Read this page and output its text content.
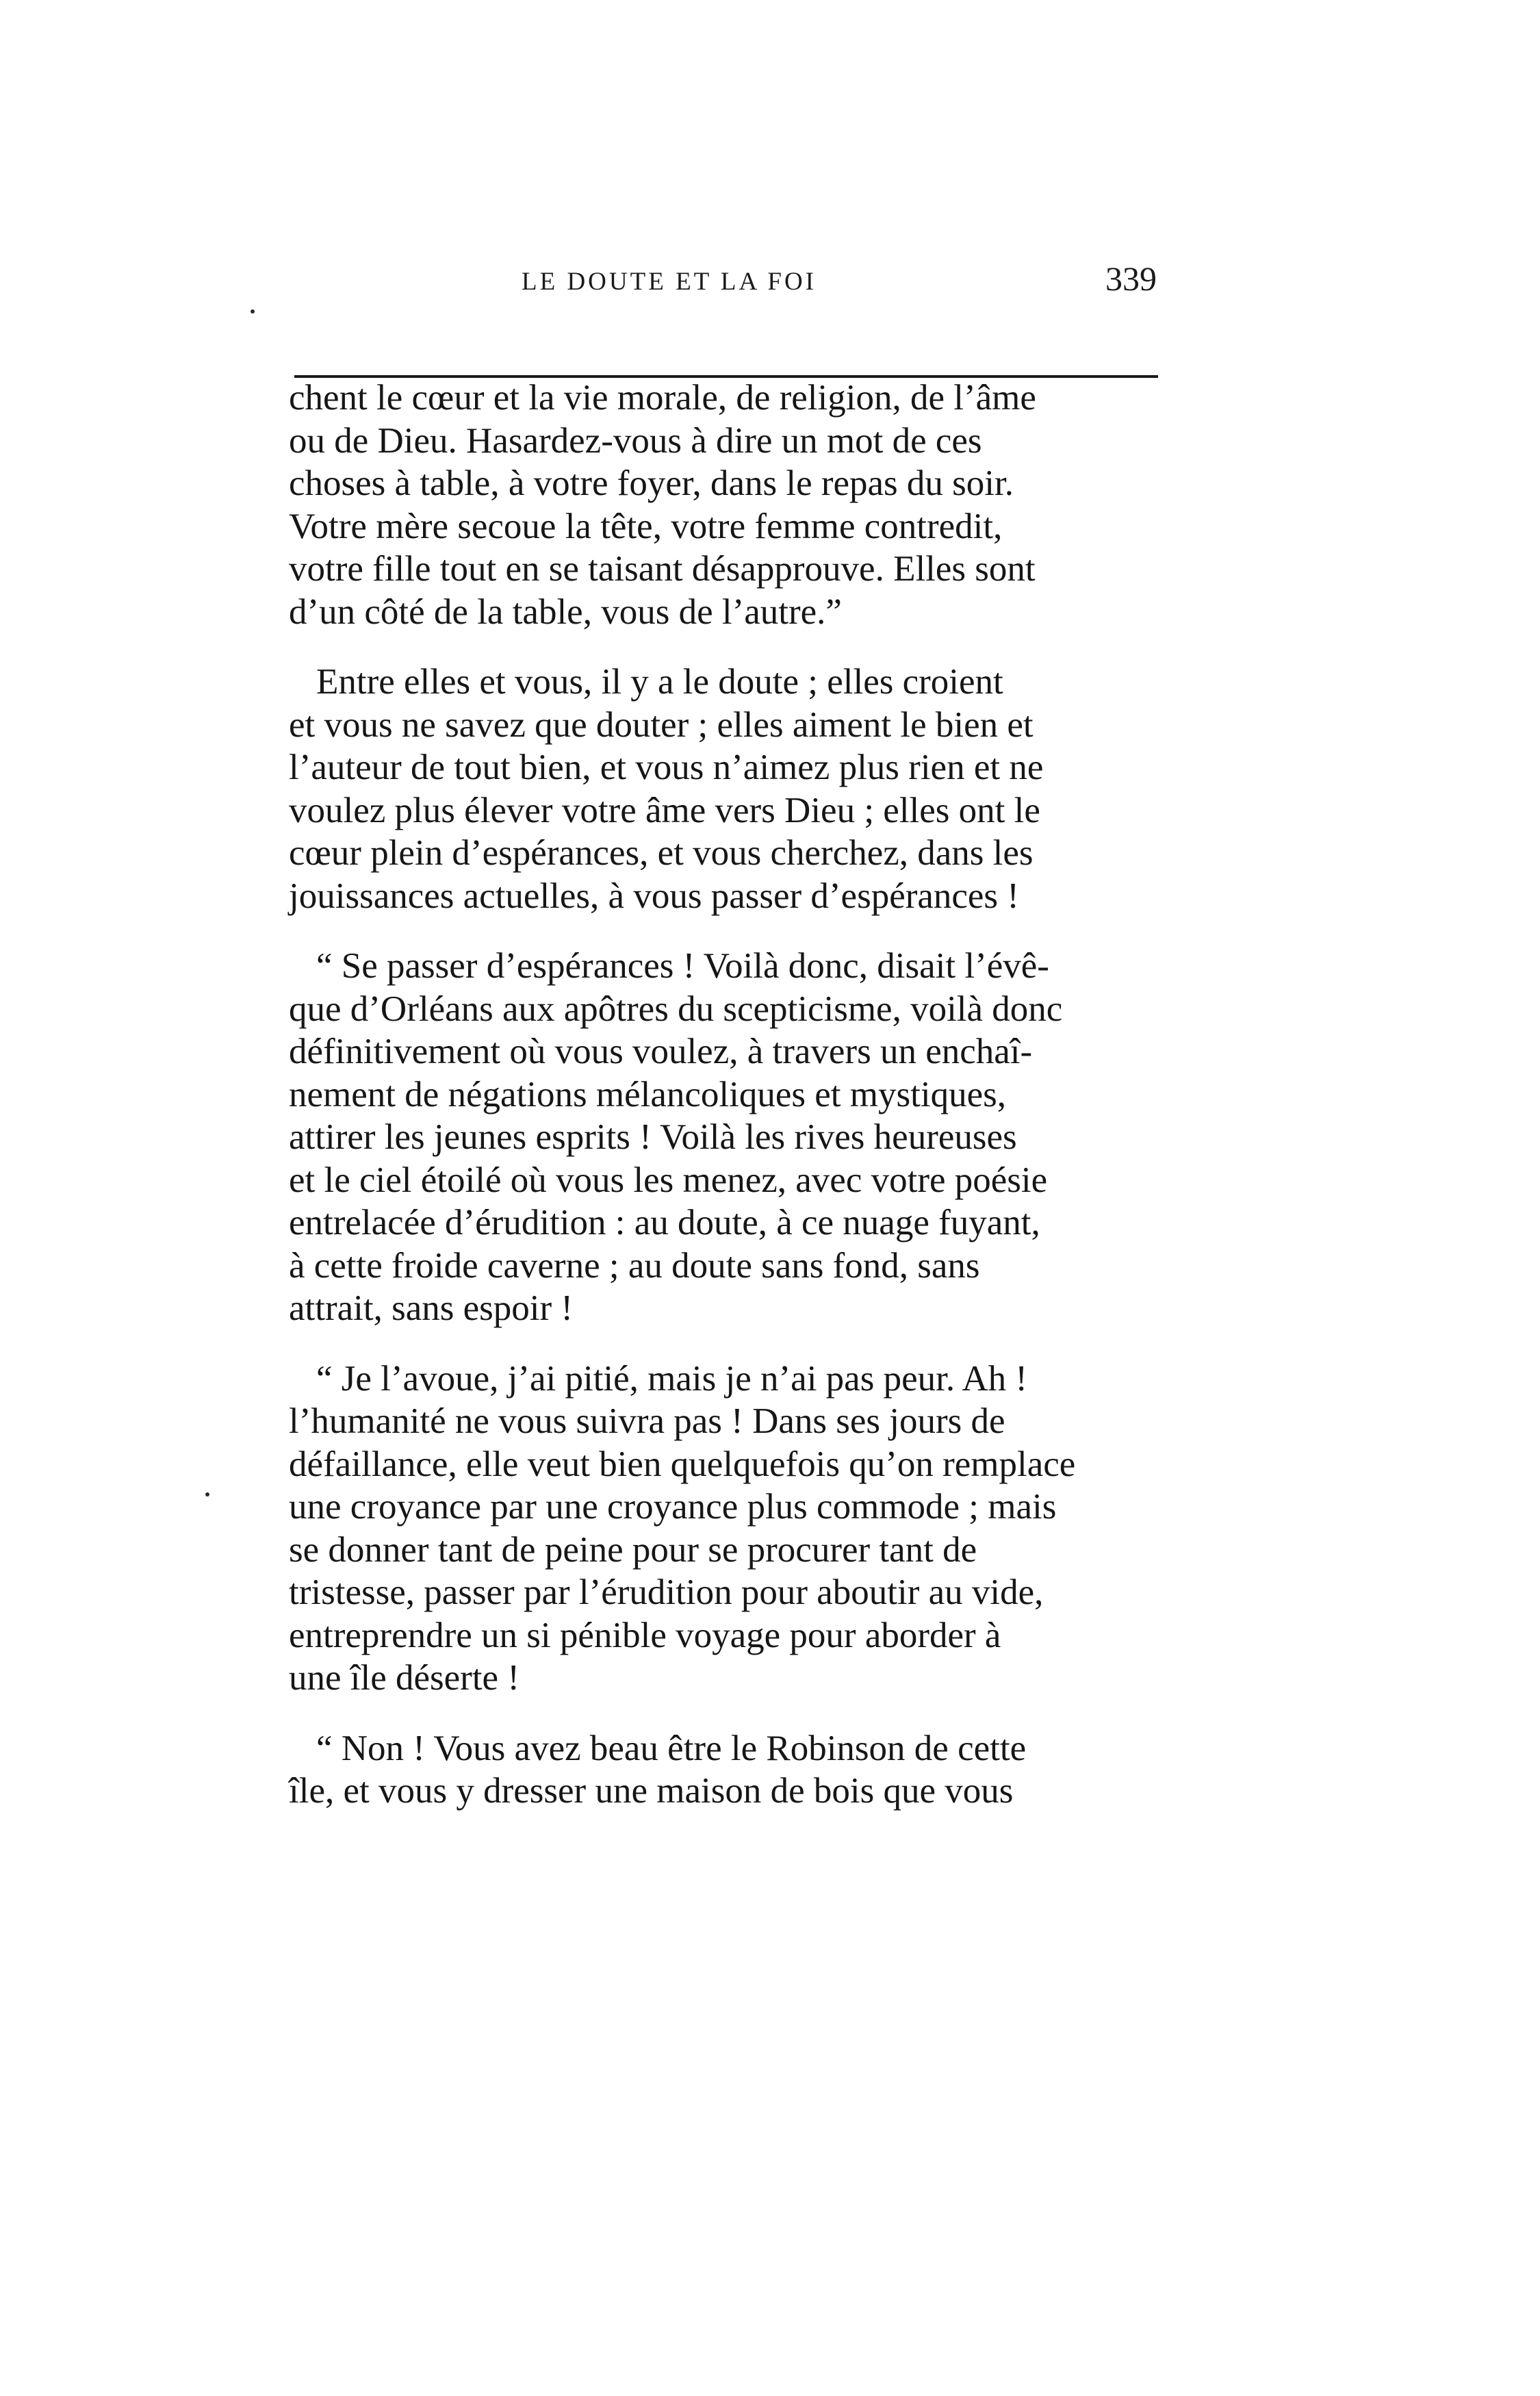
LE DOUTE ET LA FOI	339

chent le cœur et la vie morale, de religion, de l’âme
ou de Dieu. Hasardez-vous à dire un mot de ces
choses à table, à votre foyer, dans le repas du soir.
Votre mère secoue la tête, votre femme contredit,
votre fille tout en se taisant désapprouve. Elles sont
d’un côté de la table, vous de l’autre.”

Entre elles et vous, il y a le doute ; elles croient
et vous ne savez que douter ; elles aiment le bien et
l’auteur de tout bien, et vous n’aimez plus rien et ne
voulez plus élever votre âme vers Dieu ; elles ont le
cœur plein d’espérances, et vous cherchez, dans les
jouissances actuelles, à vous passer d’espérances !

“ Se passer d’espérances ! Voilà donc, disait l’évê-
que d’Orléans aux apôtres du scepticisme, voilà donc
définitivement où vous voulez, à travers un enchaî-
nement de négations mélancoliques et mystiques,
attirer les jeunes esprits ! Voilà les rives heureuses
et le ciel étoilé où vous les menez, avec votre poésie
entrelacée d’érudition : au doute, à ce nuage fuyant,
à cette froide caverne ; au doute sans fond, sans
attrait, sans espoir !

“ Je l’avoue, j’ai pitié, mais je n’ai pas peur. Ah !
l’humanité ne vous suivra pas ! Dans ses jours de
défaillance, elle veut bien quelquefois qu’on remplace
une croyance par une croyance plus commode ; mais
se donner tant de peine pour se procurer tant de
tristesse, passer par l’érudition pour aboutir au vide,
entreprendre un si pénible voyage pour aborder à
une île déserte !

“ Non ! Vous avez beau être le Robinson de cette
île, et vous y dresser une maison de bois que vous
